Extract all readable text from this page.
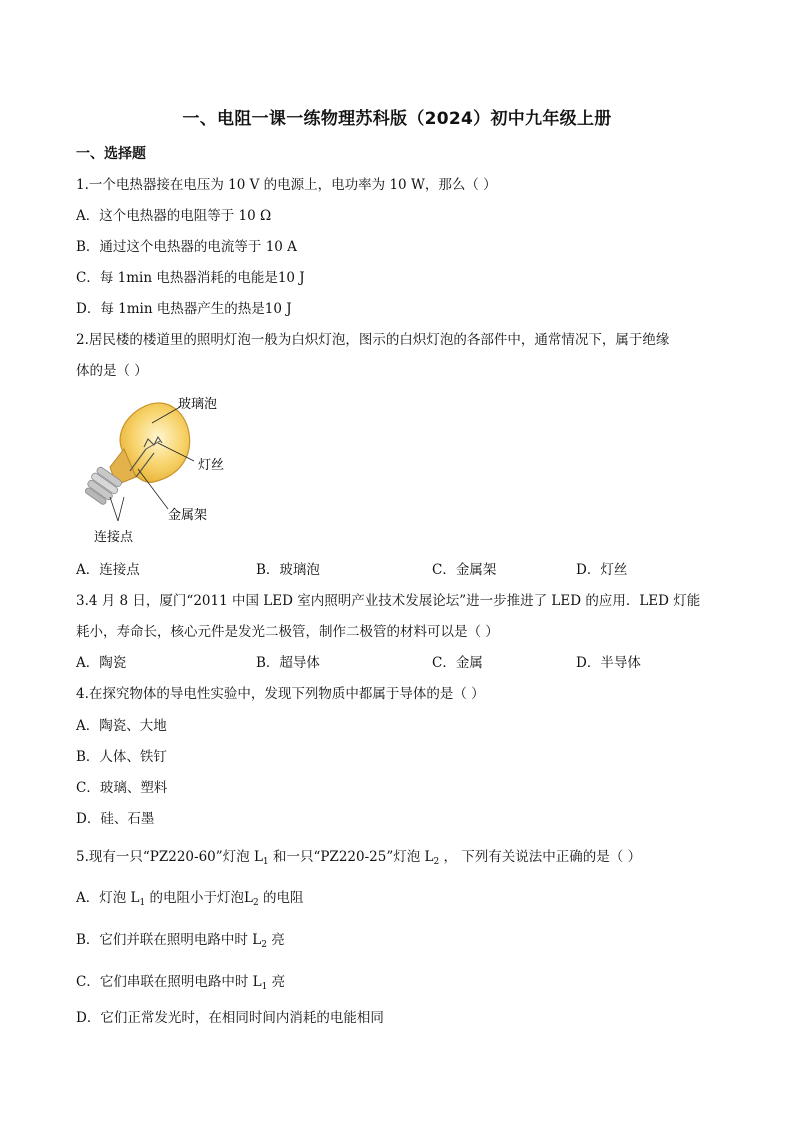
一、电阻一课一练物理苏科版（2024）初中九年级上册
一、选择题
1.一个电热器接在电压为 10 V 的电源上，电功率为 10 W，那么（ ）
A．这个电热器的电阻等于 10 Ω
B．通过这个电热器的电流等于 10 A
C．每 1min 电热器消耗的电能是10 J
D．每 1min 电热器产生的热是10 J
2.居民楼的楼道里的照明灯泡一般为白炽灯泡，图示的白炽灯泡的各部件中，通常情况下，属于绝缘
体的是（ ）
玻璃泡
灯丝
金属架
连接点
A．连接点	B．玻璃泡	C．金属架	D．灯丝
3.4 月 8 日，厦门“2011 中国 LED 室内照明产业技术发展论坛”进一步推进了 LED 的应用．LED 灯能
耗小，寿命长，核心元件是发光二极管，制作二极管的材料可以是（ ）
A．陶瓷	B．超导体	C．金属	D．半导体
4.在探究物体的导电性实验中，发现下列物质中都属于导体的是（ ）
A．陶瓷、大地
B．人体、铁钉
C．玻璃、塑料
D．硅、石墨
5.现有一只“PZ220-60”灯泡 $L_1$ 和一只“PZ220-25”灯泡 $L_2$ ， 下列有关说法中正确的是（ ）
A．灯泡 $L_1$ 的电阻小于灯泡$L_2$ 的电阻
B．它们并联在照明电路中时 $L_2$ 亮
C．它们串联在照明电路中时 $L_1$ 亮
D．它们正常发光时，在相同时间内消耗的电能相同
